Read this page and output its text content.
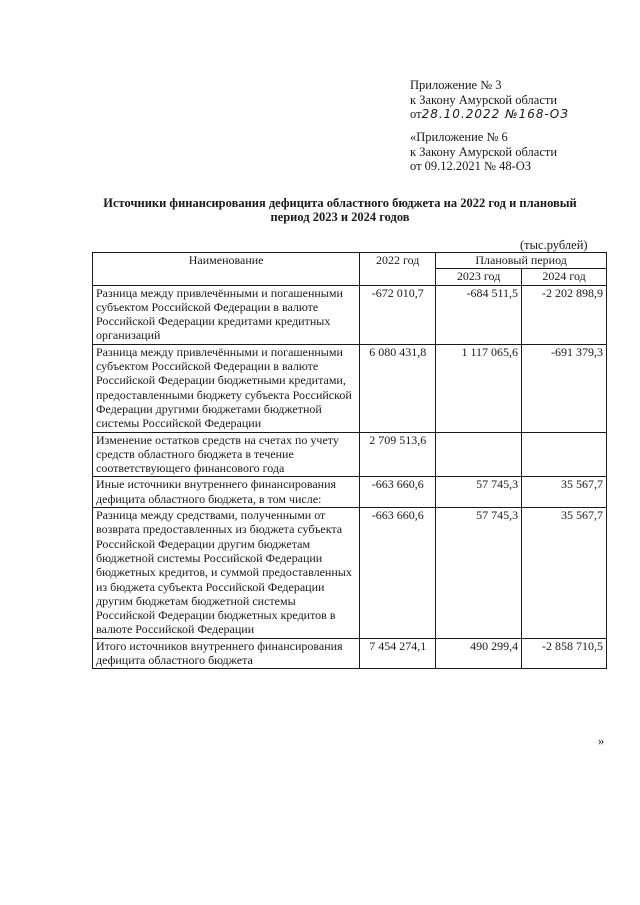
Приложение № 3
к Закону Амурской области
от28.10.2022 №168-ОЗ
«Приложение № 6
к Закону Амурской области
от 09.12.2021 № 48-ОЗ
Источники финансирования дефицита областного бюджета на 2022 год и плановый период 2023 и 2024 годов
(тыс.рублей)
Наименование	2022 год	Плановый период	
		2023 год	2024 год
Разница между привлечёнными и погашенными субъектом Российской Федерации в валюте Российской Федерации кредитами кредитных организаций	-672 010,7	-684 511,5	-2 202 898,9
Разница между привлечёнными и погашенными субъектом Российской Федерации в валюте Российской Федерации бюджетными кредитами, предоставленными бюджету субъекта Российской Федерации другими бюджетами бюджетной системы Российской Федерации	6 080 431,8	1 117 065,6	-691 379,3
Изменение остатков средств на счетах по учету средств областного бюджета в течение соответствующего финансового года	2 709 513,6		
Иные источники внутреннего финансирования дефицита областного бюджета, в том числе:	-663 660,6	57 745,3	35 567,7
Разница между средствами, полученными от возврата предоставленных из бюджета субъекта Российской Федерации другим бюджетам бюджетной системы Российской Федерации бюджетных кредитов, и суммой предоставленных из бюджета субъекта Российской Федерации другим бюджетам бюджетной системы Российской Федерации бюджетных кредитов в валюте Российской Федерации	-663 660,6	57 745,3	35 567,7
Итого источников внутреннего финансирования дефицита областного бюджета	7 454 274,1	490 299,4	-2 858 710,5
»
